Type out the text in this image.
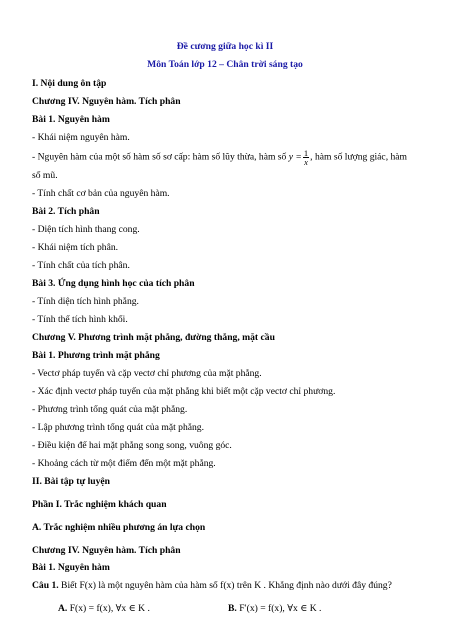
Đề cương giữa học kì II
Môn Toán lớp 12 – Chân trời sáng tạo
I. Nội dung ôn tập
Chương IV. Nguyên hàm. Tích phân
Bài 1. Nguyên hàm
- Khái niệm nguyên hàm.
- Nguyên hàm của một số hàm số sơ cấp: hàm số lũy thừa, hàm số $y = \frac{1}{x}$ , hàm số lượng giác, hàm
số mũ.
- Tính chất cơ bản của nguyên hàm.
Bài 2. Tích phân
- Diện tích hình thang cong.
- Khái niệm tích phân.
- Tính chất của tích phân.
Bài 3. Ứng dụng hình học của tích phân
- Tính diện tích hình phẳng.
- Tính thể tích hình khối.
Chương V. Phương trình mặt phẳng, đường thẳng, mặt cầu
Bài 1. Phương trình mặt phẳng
- Vectơ pháp tuyến và cặp vectơ chỉ phương của mặt phẳng.
- Xác định vectơ pháp tuyến của mặt phẳng khi biết một cặp vectơ chỉ phương.
- Phương trình tổng quát của mặt phẳng.
- Lập phương trình tổng quát của mặt phẳng.
- Điều kiện để hai mặt phẳng song song, vuông góc.
- Khoảng cách từ một điểm đến một mặt phẳng.
II. Bài tập tự luyện
Phần I. Trắc nghiệm khách quan
A. Trắc nghiệm nhiều phương án lựa chọn
Chương IV. Nguyên hàm. Tích phân
Bài 1. Nguyên hàm
Câu 1. Biết F(x) là một nguyên hàm của hàm số f(x) trên K . Khẳng định nào dưới đây đúng?
A. F(x) = f(x), ∀x ∈ K .	B. F′(x) = f(x), ∀x ∈ K .
